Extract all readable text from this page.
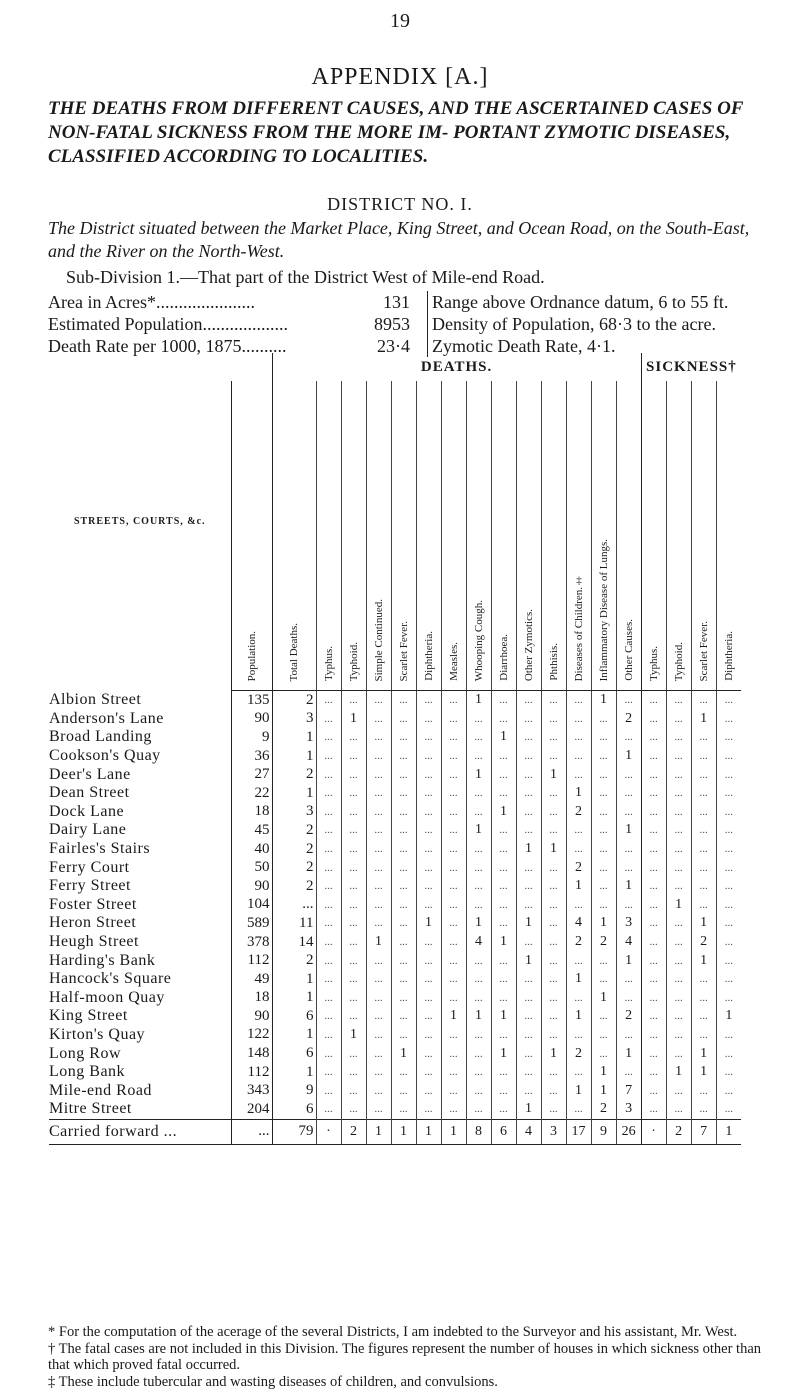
19
APPENDIX [A.]
THE DEATHS FROM DIFFERENT CAUSES, AND THE ASCERTAINED CASES OF NON-FATAL SICKNESS FROM THE MORE IM- PORTANT ZYMOTIC DISEASES, CLASSIFIED ACCORDING TO LOCALITIES.
DISTRICT NO. I.
The District situated between the Market Place, King Street, and Ocean Road, on the South-East, and the River on the North-West.
Sub-Division 1.—That part of the District West of Mile-end Road.
Area in Acres*......................	131
Estimated Population...................	8953
Death Rate per 1000, 1875..........	23·4
Range above Ordnance datum, 6 to 55 ft.
Density of Population, 68·3 to the acre.
Zymotic Death Rate, 4·1.
STREETS, COURTS, &c.		DEATHS.														SICKNESS†			
	Population.	Total Deaths.	Typhus.	Typhoid.	Simple Continued.	Scarlet Fever.	Diphtheria.	Measles.	Whooping Cough.	Diarrhoea.	Other Zymotics.	Phthisis.	Diseases of Children.‡	Inflammatory Disease of Lungs.	Other Causes.	Typhus.	Typhoid.	Scarlet Fever.	Diphtheria.
Albion Street	135	2	...	...	...	...	...	...	1	...	...	...	...	1	...	...	...	...	...
Anderson's Lane	90	3	...	1	...	...	...	...	...	...	...	...	...	...	2	...	...	1	...
Broad Landing	9	1	...	...	...	...	...	...	...	1	...	...	...	...	...	...	...	...	...
Cookson's Quay	36	1	...	...	...	...	...	...	...	...	...	...	...	...	1	...	...	...	...
Deer's Lane	27	2	...	...	...	...	...	...	1	...	...	1	...	...	...	...	...	...	...
Dean Street	22	1	...	...	...	...	...	...	...	...	...	...	1	...	...	...	...	...	...
Dock Lane	18	3	...	...	...	...	...	...	...	1	...	...	2	...	...	...	...	...	...
Dairy Lane	45	2	...	...	...	...	...	...	1	...	...	...	...	...	1	...	...	...	...
Fairles's Stairs	40	2	...	...	...	...	...	...	...	...	1	1	...	...	...	...	...	...	...
Ferry Court	50	2	...	...	...	...	...	...	...	...	...	...	2	...	...	...	...	...	...
Ferry Street	90	2	...	...	...	...	...	...	...	...	...	...	1	...	1	...	...	...	...
Foster Street	104	...	...	...	...	...	...	...	...	...	...	...	...	...	...	...	1	...	...
Heron Street	589	11	...	...	...	...	1	...	1	...	1	...	4	1	3	...	...	1	...
Heugh Street	378	14	...	...	1	...	...	...	4	1	...	...	2	2	4	...	...	2	...
Harding's Bank	112	2	...	...	...	...	...	...	...	...	1	...	...	...	1	...	...	1	...
Hancock's Square	49	1	...	...	...	...	...	...	...	...	...	...	1	...	...	...	...	...	...
Half-moon Quay	18	1	...	...	...	...	...	...	...	...	...	...	...	1	...	...	...	...	...
King Street	90	6	...	...	...	...	...	1	1	1	...	...	1	...	2	...	...	...	1
Kirton's Quay	122	1	...	1	...	...	...	...	...	...	...	...	...	...	...	...	...	...	...
Long Row	148	6	...	...	...	1	...	...	...	1	...	1	2	...	1	...	...	1	...
Long Bank	112	1	...	...	...	...	...	...	...	...	...	...	...	1	...	...	1	1	...
Mile-end Road	343	9	...	...	...	...	...	...	...	...	...	...	1	1	7	...	...	...	...
Mitre Street	204	6	...	...	...	...	...	...	...	...	1	...	...	2	3	...	...	...	...
Carried forward ...	...	79	·	2	1	1	1	1	8	6	4	3	17	9	26	·	2	7	1

* For the computation of the acerage of the several Districts, I am indebted to the Surveyor and his assistant, Mr. West.

† The fatal cases are not included in this Division. The figures represent the number of houses in which sickness other than that which proved fatal occurred.

‡ These include tubercular and wasting diseases of children, and convulsions.
